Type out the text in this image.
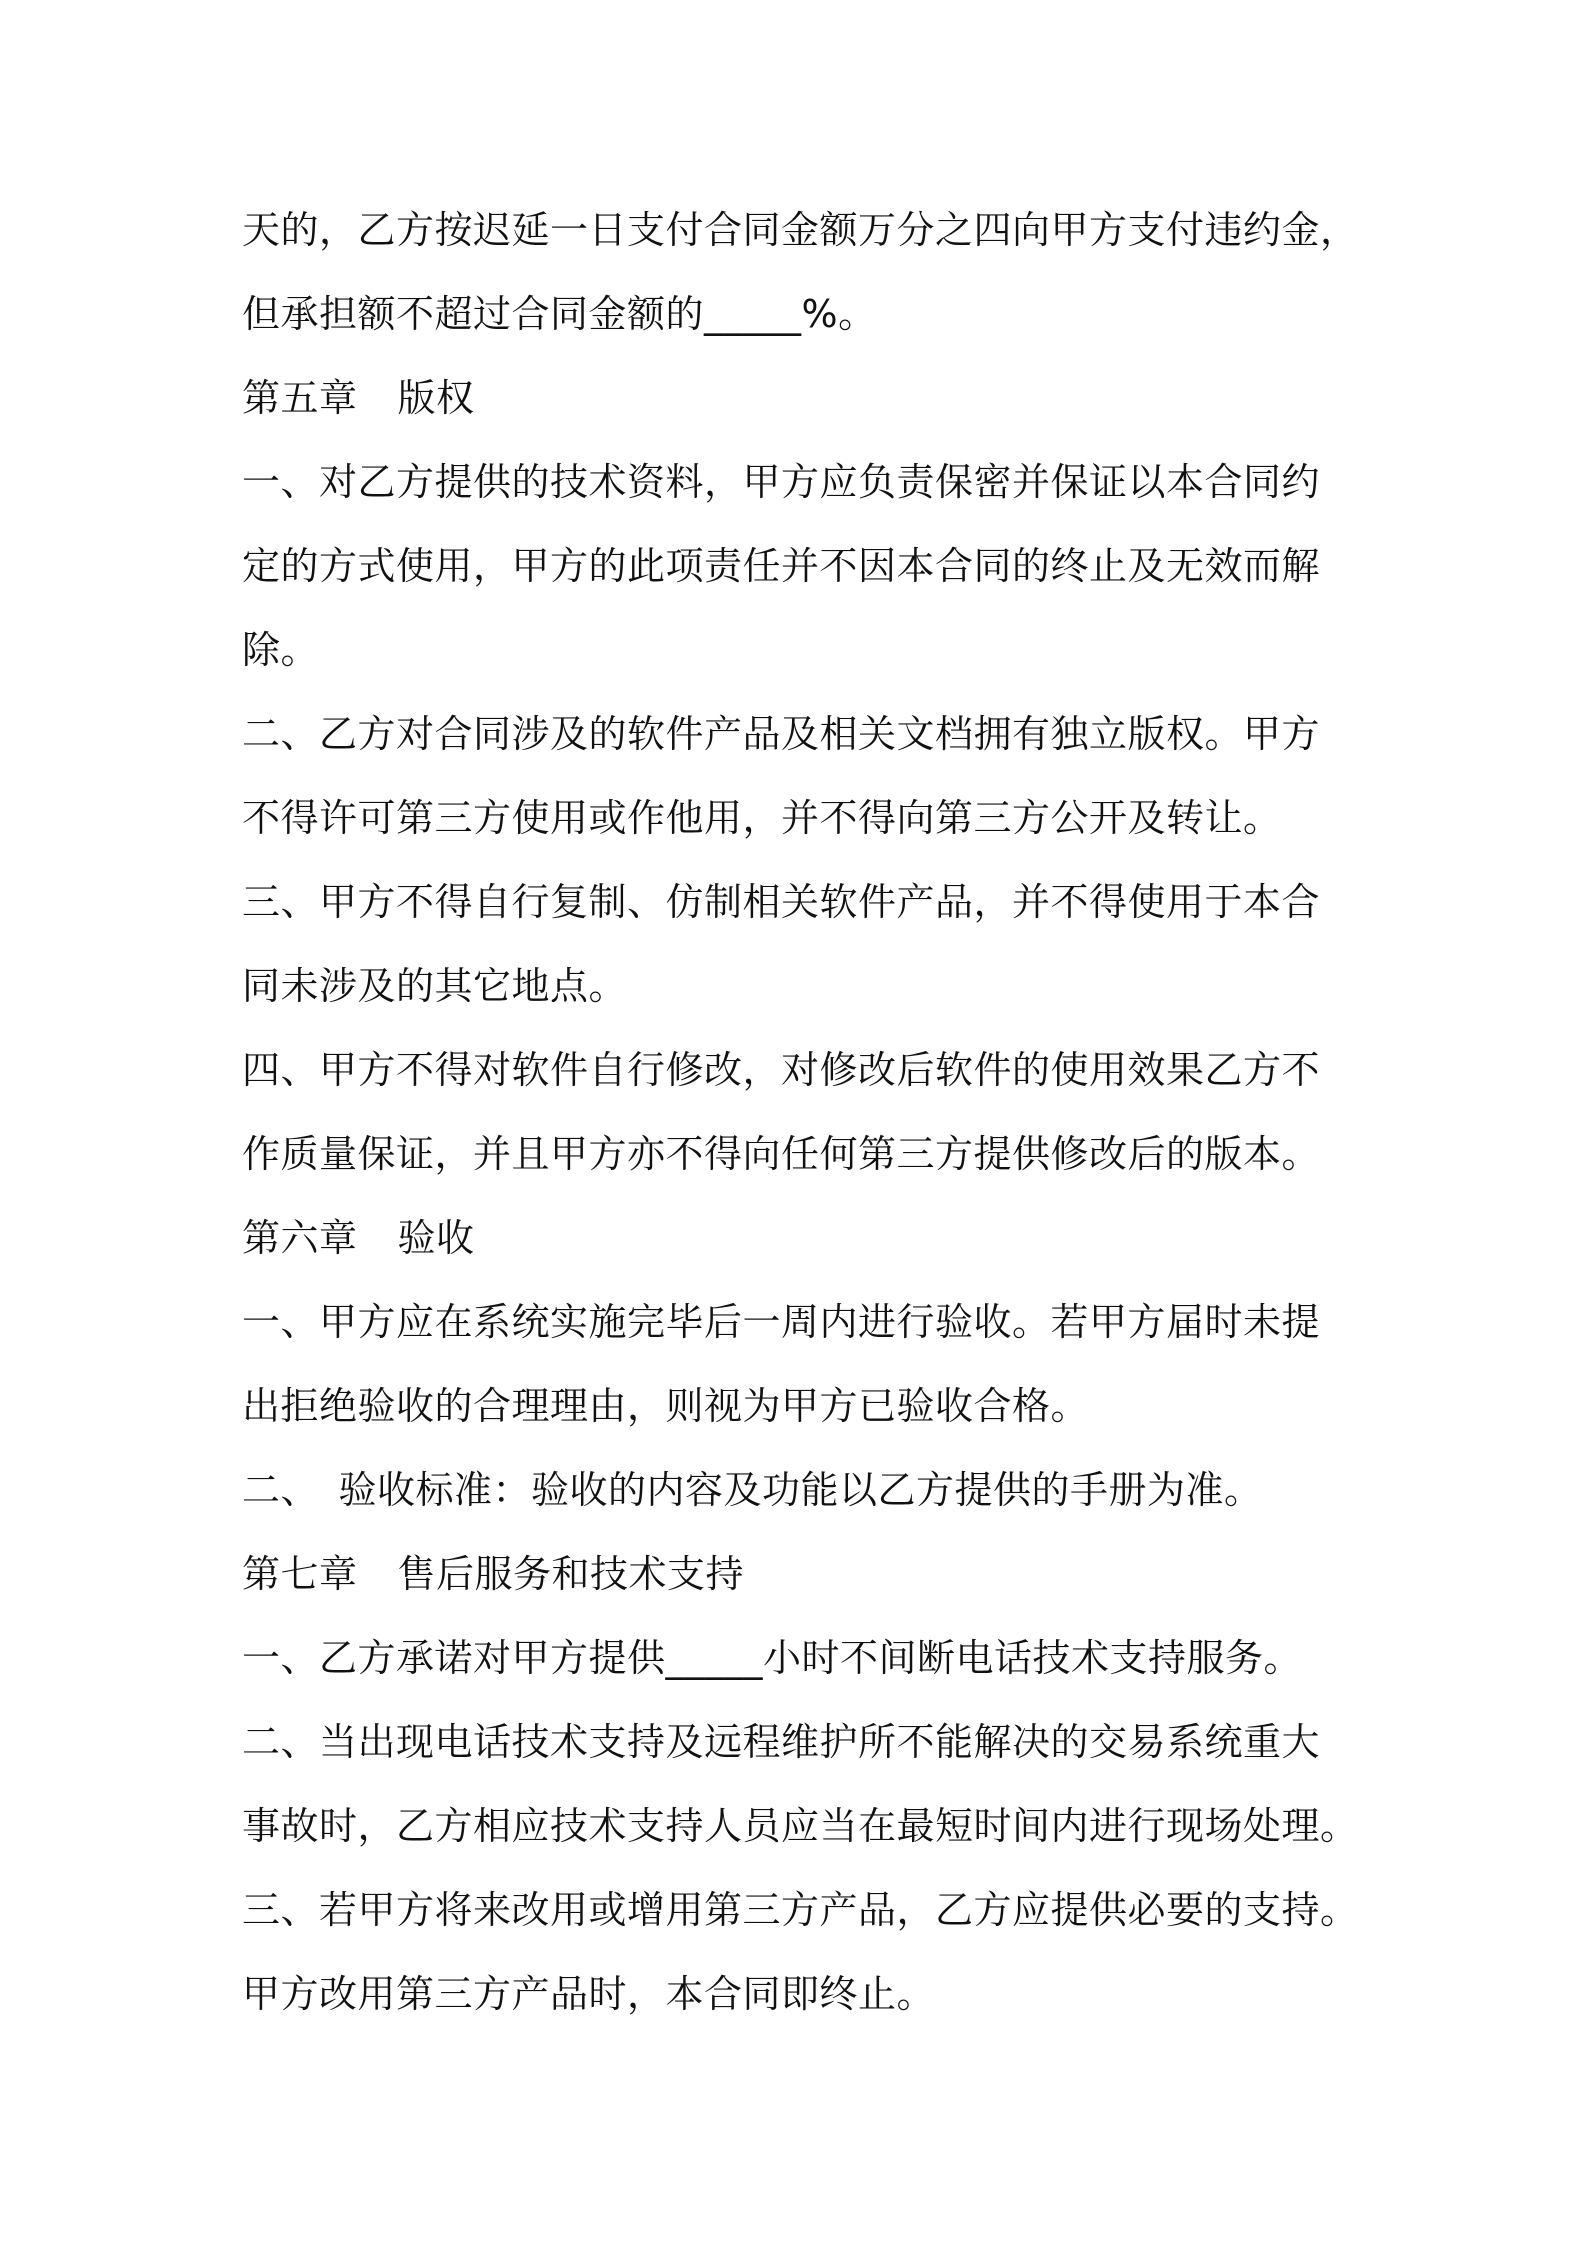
天的，乙方按迟延一日支付合同金额万分之四向甲方支付违约金，
但承担额不超过合同金额的_____%。
第五章 版权
一、对乙方提供的技术资料，甲方应负责保密并保证以本合同约
定的方式使用，甲方的此项责任并不因本合同的终止及无效而解
除。
二、乙方对合同涉及的软件产品及相关文档拥有独立版权。甲方
不得许可第三方使用或作他用，并不得向第三方公开及转让。
三、甲方不得自行复制、仿制相关软件产品，并不得使用于本合
同未涉及的其它地点。
四、甲方不得对软件自行修改，对修改后软件的使用效果乙方不
作质量保证，并且甲方亦不得向任何第三方提供修改后的版本。
第六章 验收
一、甲方应在系统实施完毕后一周内进行验收。若甲方届时未提
出拒绝验收的合理理由，则视为甲方已验收合格。
二、　验收标准：验收的内容及功能以乙方提供的手册为准。
第七章 售后服务和技术支持
一、乙方承诺对甲方提供_____小时不间断电话技术支持服务。
二、当出现电话技术支持及远程维护所不能解决的交易系统重大
事故时，乙方相应技术支持人员应当在最短时间内进行现场处理。
三、若甲方将来改用或增用第三方产品，乙方应提供必要的支持。
甲方改用第三方产品时，本合同即终止。
